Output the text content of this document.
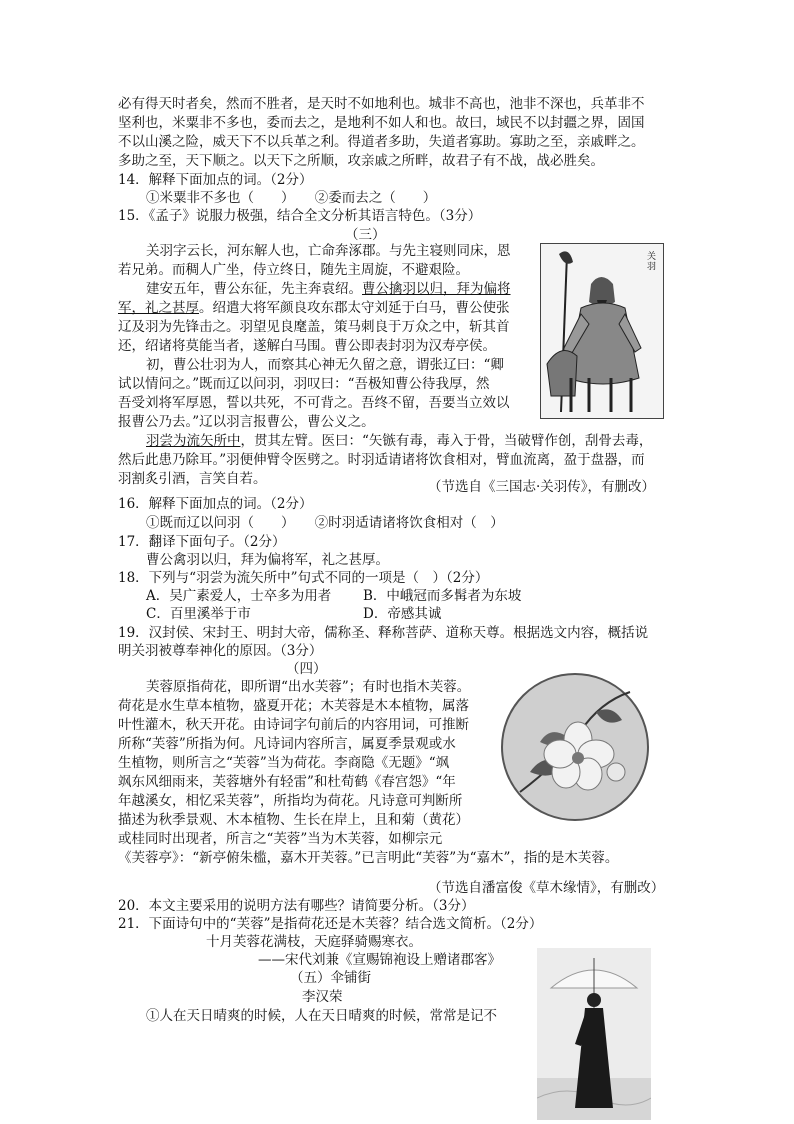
必有得天时者矣，然而不胜者，是天时不如地利也。城非不高也，池非不深也，兵革非不
坚利也，米粟非不多也，委而去之，是地利不如人和也。故曰，域民不以封疆之界，固国
不以山溪之险，威天下不以兵革之利。得道者多助，失道者寡助。寡助之至，亲戚畔之。
多助之至，天下顺之。以天下之所顺，攻亲戚之所畔，故君子有不战，战必胜矣。
14．解释下面加点的词。（2分）
①米粟非不多也（　　）　　②委而去之（　　）
15．《孟子》说服力极强，结合全文分析其语言特色。（3分）
（三）
关羽
关羽字云长，河东解人也，亡命奔涿郡。与先主寝则同床，恩
若兄弟。而稠人广坐，侍立终日，随先主周旋，不避艰险。
建安五年，曹公东征，先主奔袁绍。曹公擒羽以归，拜为偏将
军，礼之甚厚。绍遣大将军颜良攻东郡太守刘延于白马，曹公使张
辽及羽为先锋击之。羽望见良麾盖，策马刺良于万众之中，斩其首
还，绍诸将莫能当者，遂解白马围。曹公即表封羽为汉寿亭侯。
初，曹公壮羽为人，而察其心神无久留之意，谓张辽曰：“卿
试以情问之。”既而辽以问羽，羽叹曰：“吾极知曹公待我厚，然
吾受刘将军厚恩，誓以共死，不可背之。吾终不留，吾要当立效以
报曹公乃去。”辽以羽言报曹公，曹公义之。
羽尝为流矢所中，贯其左臂。医曰：“矢镞有毒，毒入于骨，当破臂作创，刮骨去毒，
然后此患乃除耳。”羽便伸臂令医劈之。时羽适请诸将饮食相对，臂血流离，盈于盘器，而
羽割炙引酒，言笑自若。	（节选自《三国志·关羽传》，有删改）
16．解释下面加点的词。（2分）
①既而辽以问羽（　　）　　②时羽适请诸将饮食相对（　）
17．翻译下面句子。（2分）
曹公禽羽以归，拜为偏将军，礼之甚厚。
18．下列与“羽尝为流矢所中”句式不同的一项是（　）（2分）
A．吴广素爱人，士卒多为用者 B．中峨冠而多髯者为东坡
C．百里溪举于市	D．帝感其诚
19．汉封侯、宋封王、明封大帝，儒称圣、释称菩萨、道称天尊。根据选文内容，概括说
明关羽被尊奉神化的原因。（3分）
（四）
芙蓉原指荷花，即所谓“出水芙蓉”；有时也指木芙蓉。
荷花是水生草本植物，盛夏开花；木芙蓉是木本植物，属落
叶性灌木，秋天开花。由诗词字句前后的内容用词，可推断
所称“芙蓉”所指为何。凡诗词内容所言，属夏季景观或水
生植物，则所言之“芙蓉”当为荷花。李商隐《无题》“飒
飒东风细雨来，芙蓉塘外有轻雷”和杜荀鹤《春宫怨》“年
年越溪女，相忆采芙蓉”，所指均为荷花。凡诗意可判断所
描述为秋季景观、木本植物、生长在岸上，且和菊（黄花）
或桂同时出现者，所言之“芙蓉”当为木芙蓉，如柳宗元
《芙蓉亭》：“新亭俯朱槛，嘉木开芙蓉。”已言明此“芙蓉”为“嘉木”，指的是木芙蓉。
（节选自潘富俊《草木缘情》，有删改）
20．本文主要采用的说明方法有哪些？请简要分析。（3分）
21．下面诗句中的“芙蓉”是指荷花还是木芙蓉？结合选文简析。（2分）
十月芙蓉花满枝，天庭驿骑赐寒衣。
——宋代刘兼《宣赐锦袍设上赠诸郡客》
（五）伞铺街
李汉荣
①人在天日晴爽的时候，人在天日晴爽的时候，常常是记不
